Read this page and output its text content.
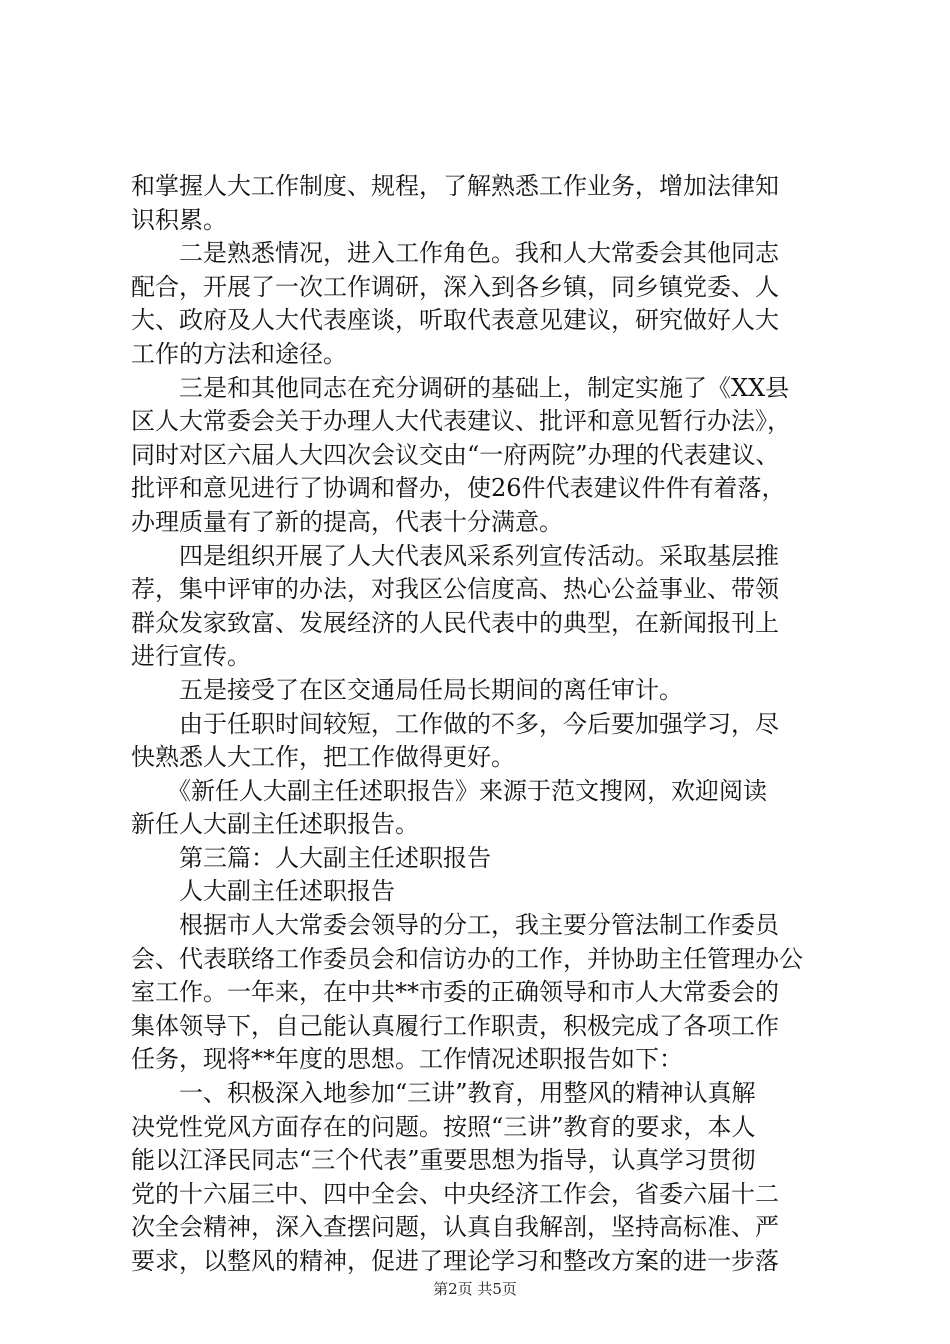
和掌握人大工作制度、规程，了解熟悉工作业务，增加法律知
识积累。
　　二是熟悉情况，进入工作角色。我和人大常委会其他同志
配合，开展了一次工作调研，深入到各乡镇，同乡镇党委、人
大、政府及人大代表座谈，听取代表意见建议，研究做好人大
工作的方法和途径。
　　三是和其他同志在充分调研的基础上，制定实施了《XX县
区人大常委会关于办理人大代表建议、批评和意见暂行办法》，
同时对区六届人大四次会议交由“一府两院”办理的代表建议、
批评和意见进行了协调和督办，使26件代表建议件件有着落，
办理质量有了新的提高，代表十分满意。
　　四是组织开展了人大代表风采系列宣传活动。采取基层推
荐，集中评审的办法，对我区公信度高、热心公益事业、带领
群众发家致富、发展经济的人民代表中的典型，在新闻报刊上
进行宣传。
　　五是接受了在区交通局任局长期间的离任审计。
　　由于任职时间较短，工作做的不多，今后要加强学习，尽
快熟悉人大工作，把工作做得更好。
　　《新任人大副主任述职报告》来源于范文搜网，欢迎阅读
新任人大副主任述职报告。
　　第三篇：人大副主任述职报告
　　人大副主任述职报告
　　根据市人大常委会领导的分工，我主要分管法制工作委员
会、代表联络工作委员会和信访办的工作，并协助主任管理办公
室工作。一年来，在中共**市委的正确领导和市人大常委会的
集体领导下，自己能认真履行工作职责，积极完成了各项工作
任务，现将**年度的思想。工作情况述职报告如下：
　　一、积极深入地参加“三讲”教育，用整风的精神认真解
决党性党风方面存在的问题。按照“三讲”教育的要求，本人
能以江泽民同志“三个代表”重要思想为指导，认真学习贯彻
党的十六届三中、四中全会、中央经济工作会，省委六届十二
次全会精神，深入查摆问题，认真自我解剖，坚持高标准、严
要求，以整风的精神，促进了理论学习和整改方案的进一步落
第2页 共5页
